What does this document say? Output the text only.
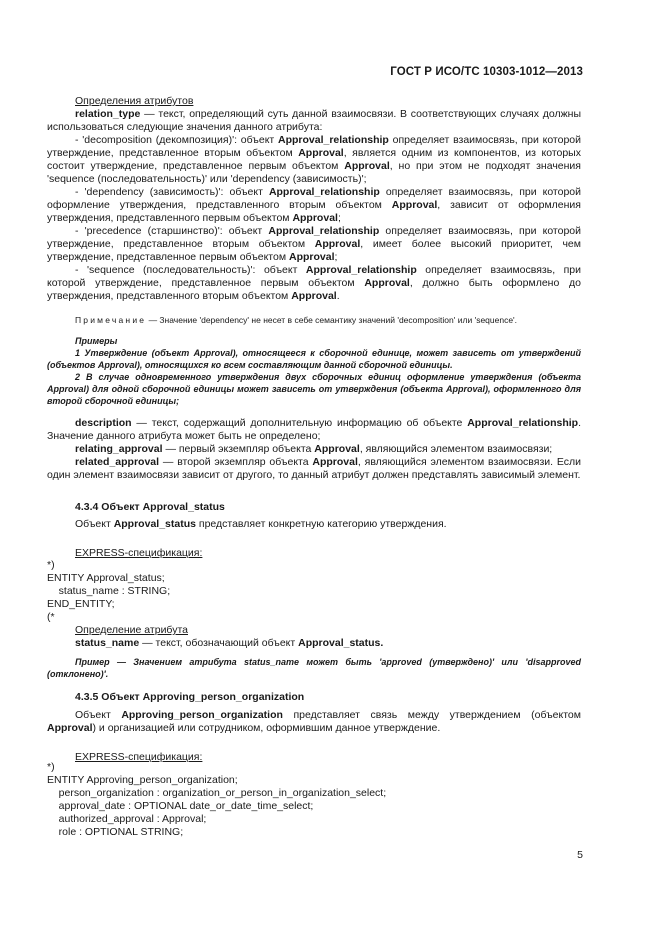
ГОСТ Р ИСО/ТС 10303-1012—2013

Определения атрибутов

relation_type — текст, определяющий суть данной взаимосвязи. В соответствующих случаях должны использоваться следующие значения данного атрибута:

- 'decomposition (декомпозиция)': объект Approval_relationship определяет взаимосвязь, при которой утверждение, представленное вторым объектом Approval, является одним из компонентов, из которых состоит утверждение, представленное первым объектом Approval, но при этом не подходят значения 'sequence (последовательность)' или 'dependency (зависимость)';

- 'dependency (зависимость)': объект Approval_relationship определяет взаимосвязь, при которой оформление утверждения, представленного вторым объектом Approval, зависит от оформления утверждения, представленного первым объектом Approval;

- 'precedence (старшинство)': объект Approval_relationship определяет взаимосвязь, при которой утверждение, представленное вторым объектом Approval, имеет более высокий приоритет, чем утверждение, представленное первым объектом Approval;

- 'sequence (последовательность)': объект Approval_relationship определяет взаимосвязь, при которой утверждение, представленное первым объектом Approval, должно быть оформлено до утверждения, представленного вторым объектом Approval.

Примечание — Значение 'dependency' не несет в себе семантику значений 'decomposition' или 'sequence'.

Примеры

1 Утверждение (объект Approval), относящееся к сборочной единице, может зависеть от утверждений (объектов Approval), относящихся ко всем составляющим данной сборочной единицы.

2 В случае одновременного утверждения двух сборочных единиц оформление утверждения (объекта Approval) для одной сборочной единицы может зависеть от утверждения (объекта Approval), оформленного для второй сборочной единицы;

description — текст, содержащий дополнительную информацию об объекте Approval_relationship. Значение данного атрибута может быть не определено;

relating_approval — первый экземпляр объекта Approval, являющийся элементом взаимосвязи;

related_approval — второй экземпляр объекта Approval, являющийся элементом взаимосвязи. Если один элемент взаимосвязи зависит от другого, то данный атрибут должен представлять зависимый элемент.

4.3.4 Объект Approval_status

Объект Approval_status представляет конкретную категорию утверждения.

EXPRESS-спецификация:

*)
ENTITY Approval_status;
status_name : STRING;
END_ENTITY;
(*

Определение атрибута

status_name — текст, обозначающий объект Approval_status.

Пример — Значением атрибута status_name может быть 'approved (утверждено)' или 'disapproved (отклонено)'.

4.3.5 Объект Approving_person_organization

Объект Approving_person_organization представляет связь между утверждением (объектом Approval) и организацией или сотрудником, оформившим данное утверждение.

EXPRESS-спецификация:

*)
ENTITY Approving_person_organization;
person_organization : organization_or_person_in_organization_select;
approval_date : OPTIONAL date_or_date_time_select;
authorized_approval : Approval;
role : OPTIONAL STRING;
5
